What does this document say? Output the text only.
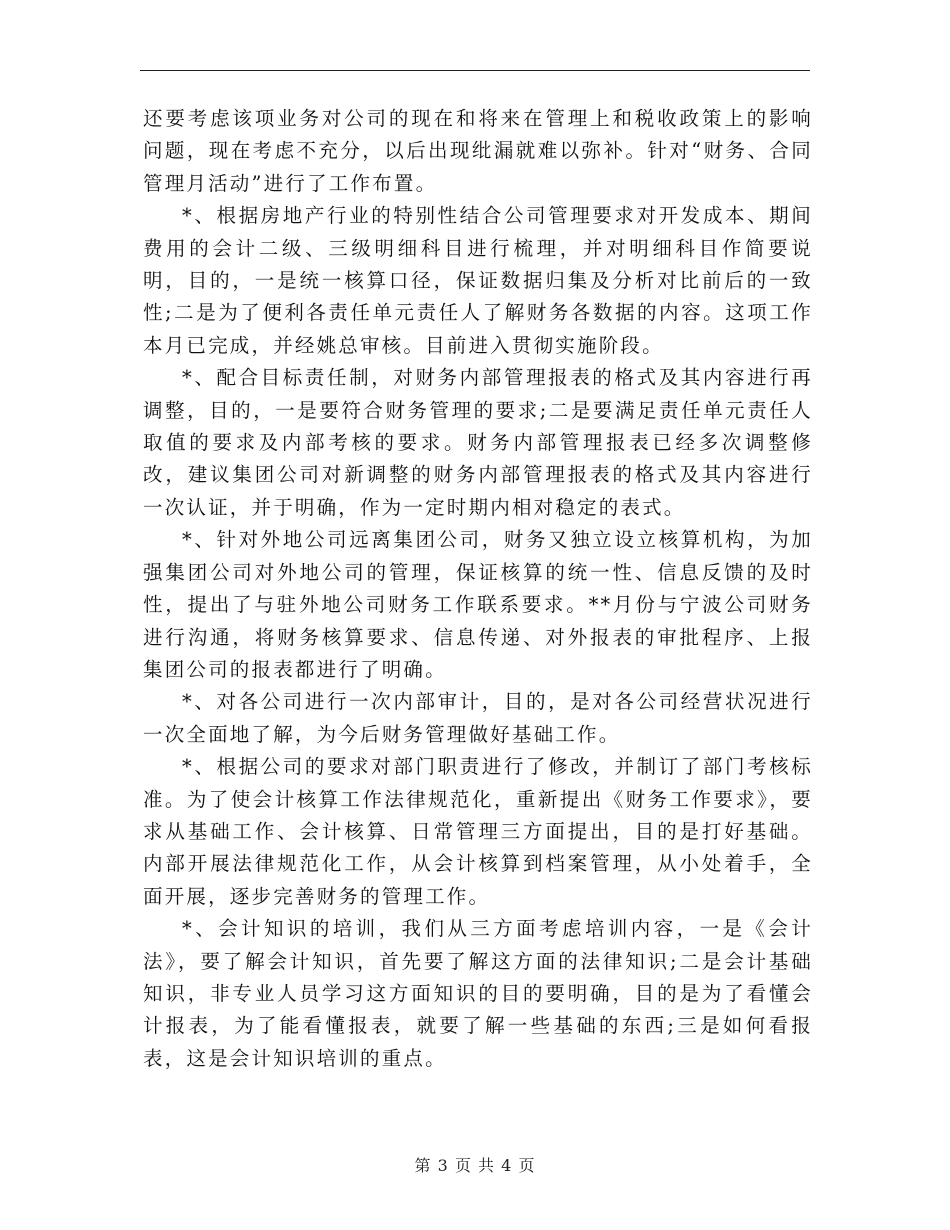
还要考虑该项业务对公司的现在和将来在管理上和税收政策上的影响问题，现在考虑不充分，以后出现纰漏就难以弥补。针对“财务、合同管理月活动”进行了工作布置。

*、根据房地产行业的特别性结合公司管理要求对开发成本、期间费用的会计二级、三级明细科目进行梳理，并对明细科目作简要说明，目的，一是统一核算口径，保证数据归集及分析对比前后的一致性;二是为了便利各责任单元责任人了解财务各数据的内容。这项工作本月已完成，并经姚总审核。目前进入贯彻实施阶段。

*、配合目标责任制，对财务内部管理报表的格式及其内容进行再调整，目的，一是要符合财务管理的要求;二是要满足责任单元责任人取值的要求及内部考核的要求。财务内部管理报表已经多次调整修改，建议集团公司对新调整的财务内部管理报表的格式及其内容进行一次认证，并于明确，作为一定时期内相对稳定的表式。

*、针对外地公司远离集团公司，财务又独立设立核算机构，为加强集团公司对外地公司的管理，保证核算的统一性、信息反馈的及时性，提出了与驻外地公司财务工作联系要求。**月份与宁波公司财务进行沟通，将财务核算要求、信息传递、对外报表的审批程序、上报集团公司的报表都进行了明确。

*、对各公司进行一次内部审计，目的，是对各公司经营状况进行一次全面地了解，为今后财务管理做好基础工作。

*、根据公司的要求对部门职责进行了修改，并制订了部门考核标准。为了使会计核算工作法律规范化，重新提出《财务工作要求》，要求从基础工作、会计核算、日常管理三方面提出，目的是打好基础。内部开展法律规范化工作，从会计核算到档案管理，从小处着手，全面开展，逐步完善财务的管理工作。

*、会计知识的培训，我们从三方面考虑培训内容，一是《会计法》，要了解会计知识，首先要了解这方面的法律知识;二是会计基础知识，非专业人员学习这方面知识的目的要明确，目的是为了看懂会计报表，为了能看懂报表，就要了解一些基础的东西;三是如何看报表，这是会计知识培训的重点。

第 3 页 共 4 页
